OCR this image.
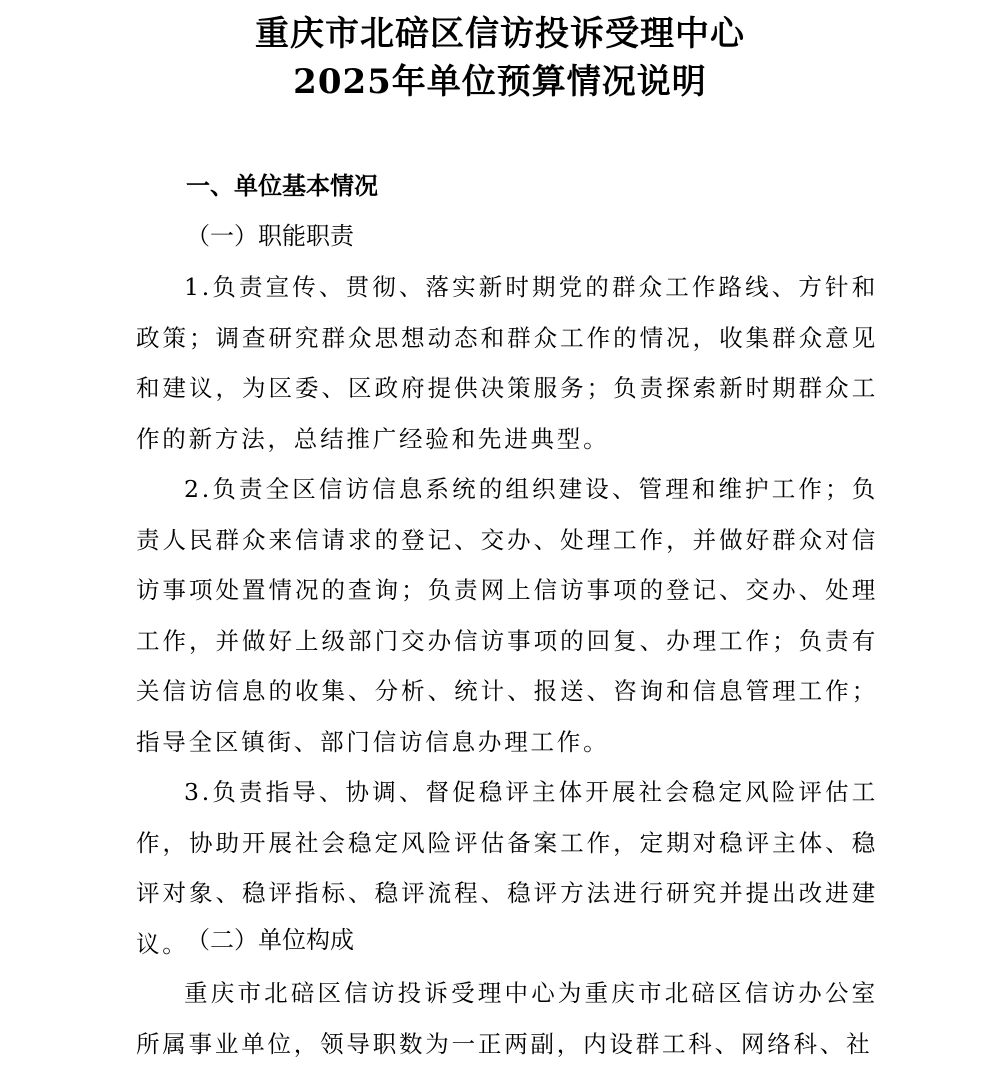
重庆市北碚区信访投诉受理中心
2025年单位预算情况说明
一、单位基本情况
（一）职能职责

1.负责宣传、贯彻、落实新时期党的群众工作路线、方针和政策；调查研究群众思想动态和群众工作的情况，收集群众意见和建议，为区委、区政府提供决策服务；负责探索新时期群众工作的新方法，总结推广经验和先进典型。

2.负责全区信访信息系统的组织建设、管理和维护工作；负责人民群众来信请求的登记、交办、处理工作，并做好群众对信访事项处置情况的查询；负责网上信访事项的登记、交办、处理工作，并做好上级部门交办信访事项的回复、办理工作；负责有关信访信息的收集、分析、统计、报送、咨询和信息管理工作；指导全区镇街、部门信访信息办理工作。

3.负责指导、协调、督促稳评主体开展社会稳定风险评估工作，协助开展社会稳定风险评估备案工作，定期对稳评主体、稳评对象、稳评指标、稳评流程、稳评方法进行研究并提出改进建议。

（二）单位构成

重庆市北碚区信访投诉受理中心为重庆市北碚区信访办公室所属事业单位，领导职数为一正两副，内设群工科、网络科、社
